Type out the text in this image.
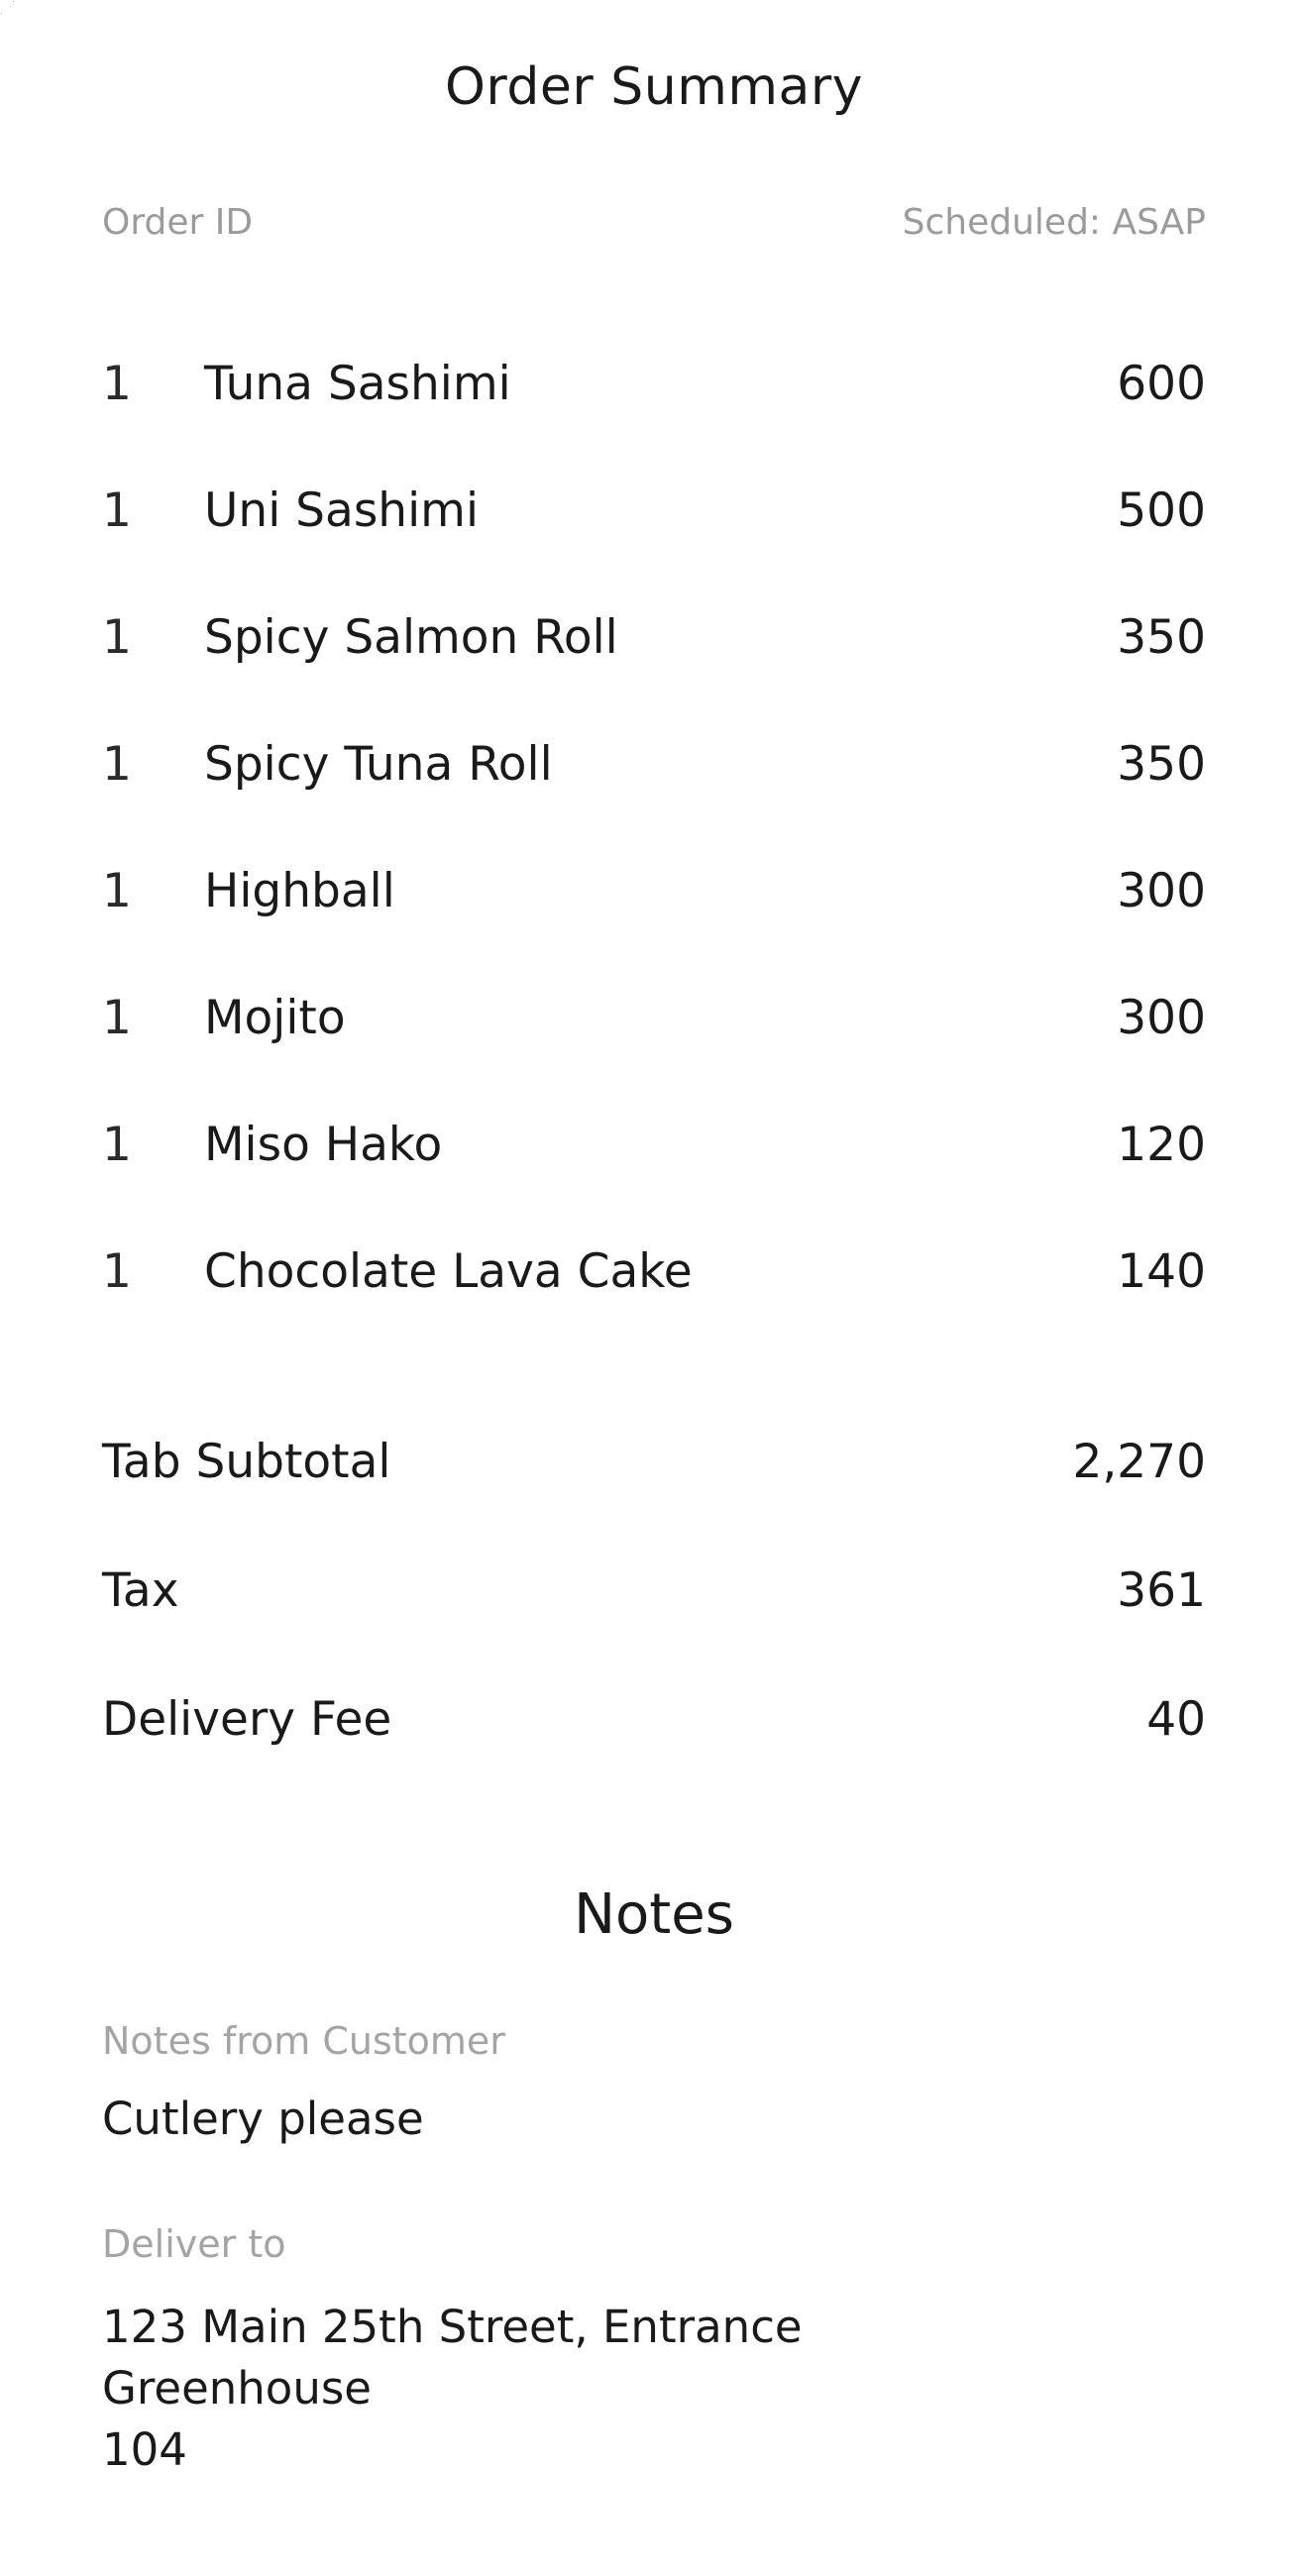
Order Summary
Order ID	Scheduled: ASAP
1	Tuna Sashimi	600
1	Uni Sashimi	500
1	Spicy Salmon Roll	350
1	Spicy Tuna Roll	350
1	Highball	300
1	Mojito	300
1	Miso Hako	120
1	Chocolate Lava Cake	140
Tab Subtotal	2,270
Tax	361
Delivery Fee	40
Notes
Notes from Customer
Cutlery please
Deliver to
123 Main 25th Street, Entrance
Greenhouse
104
